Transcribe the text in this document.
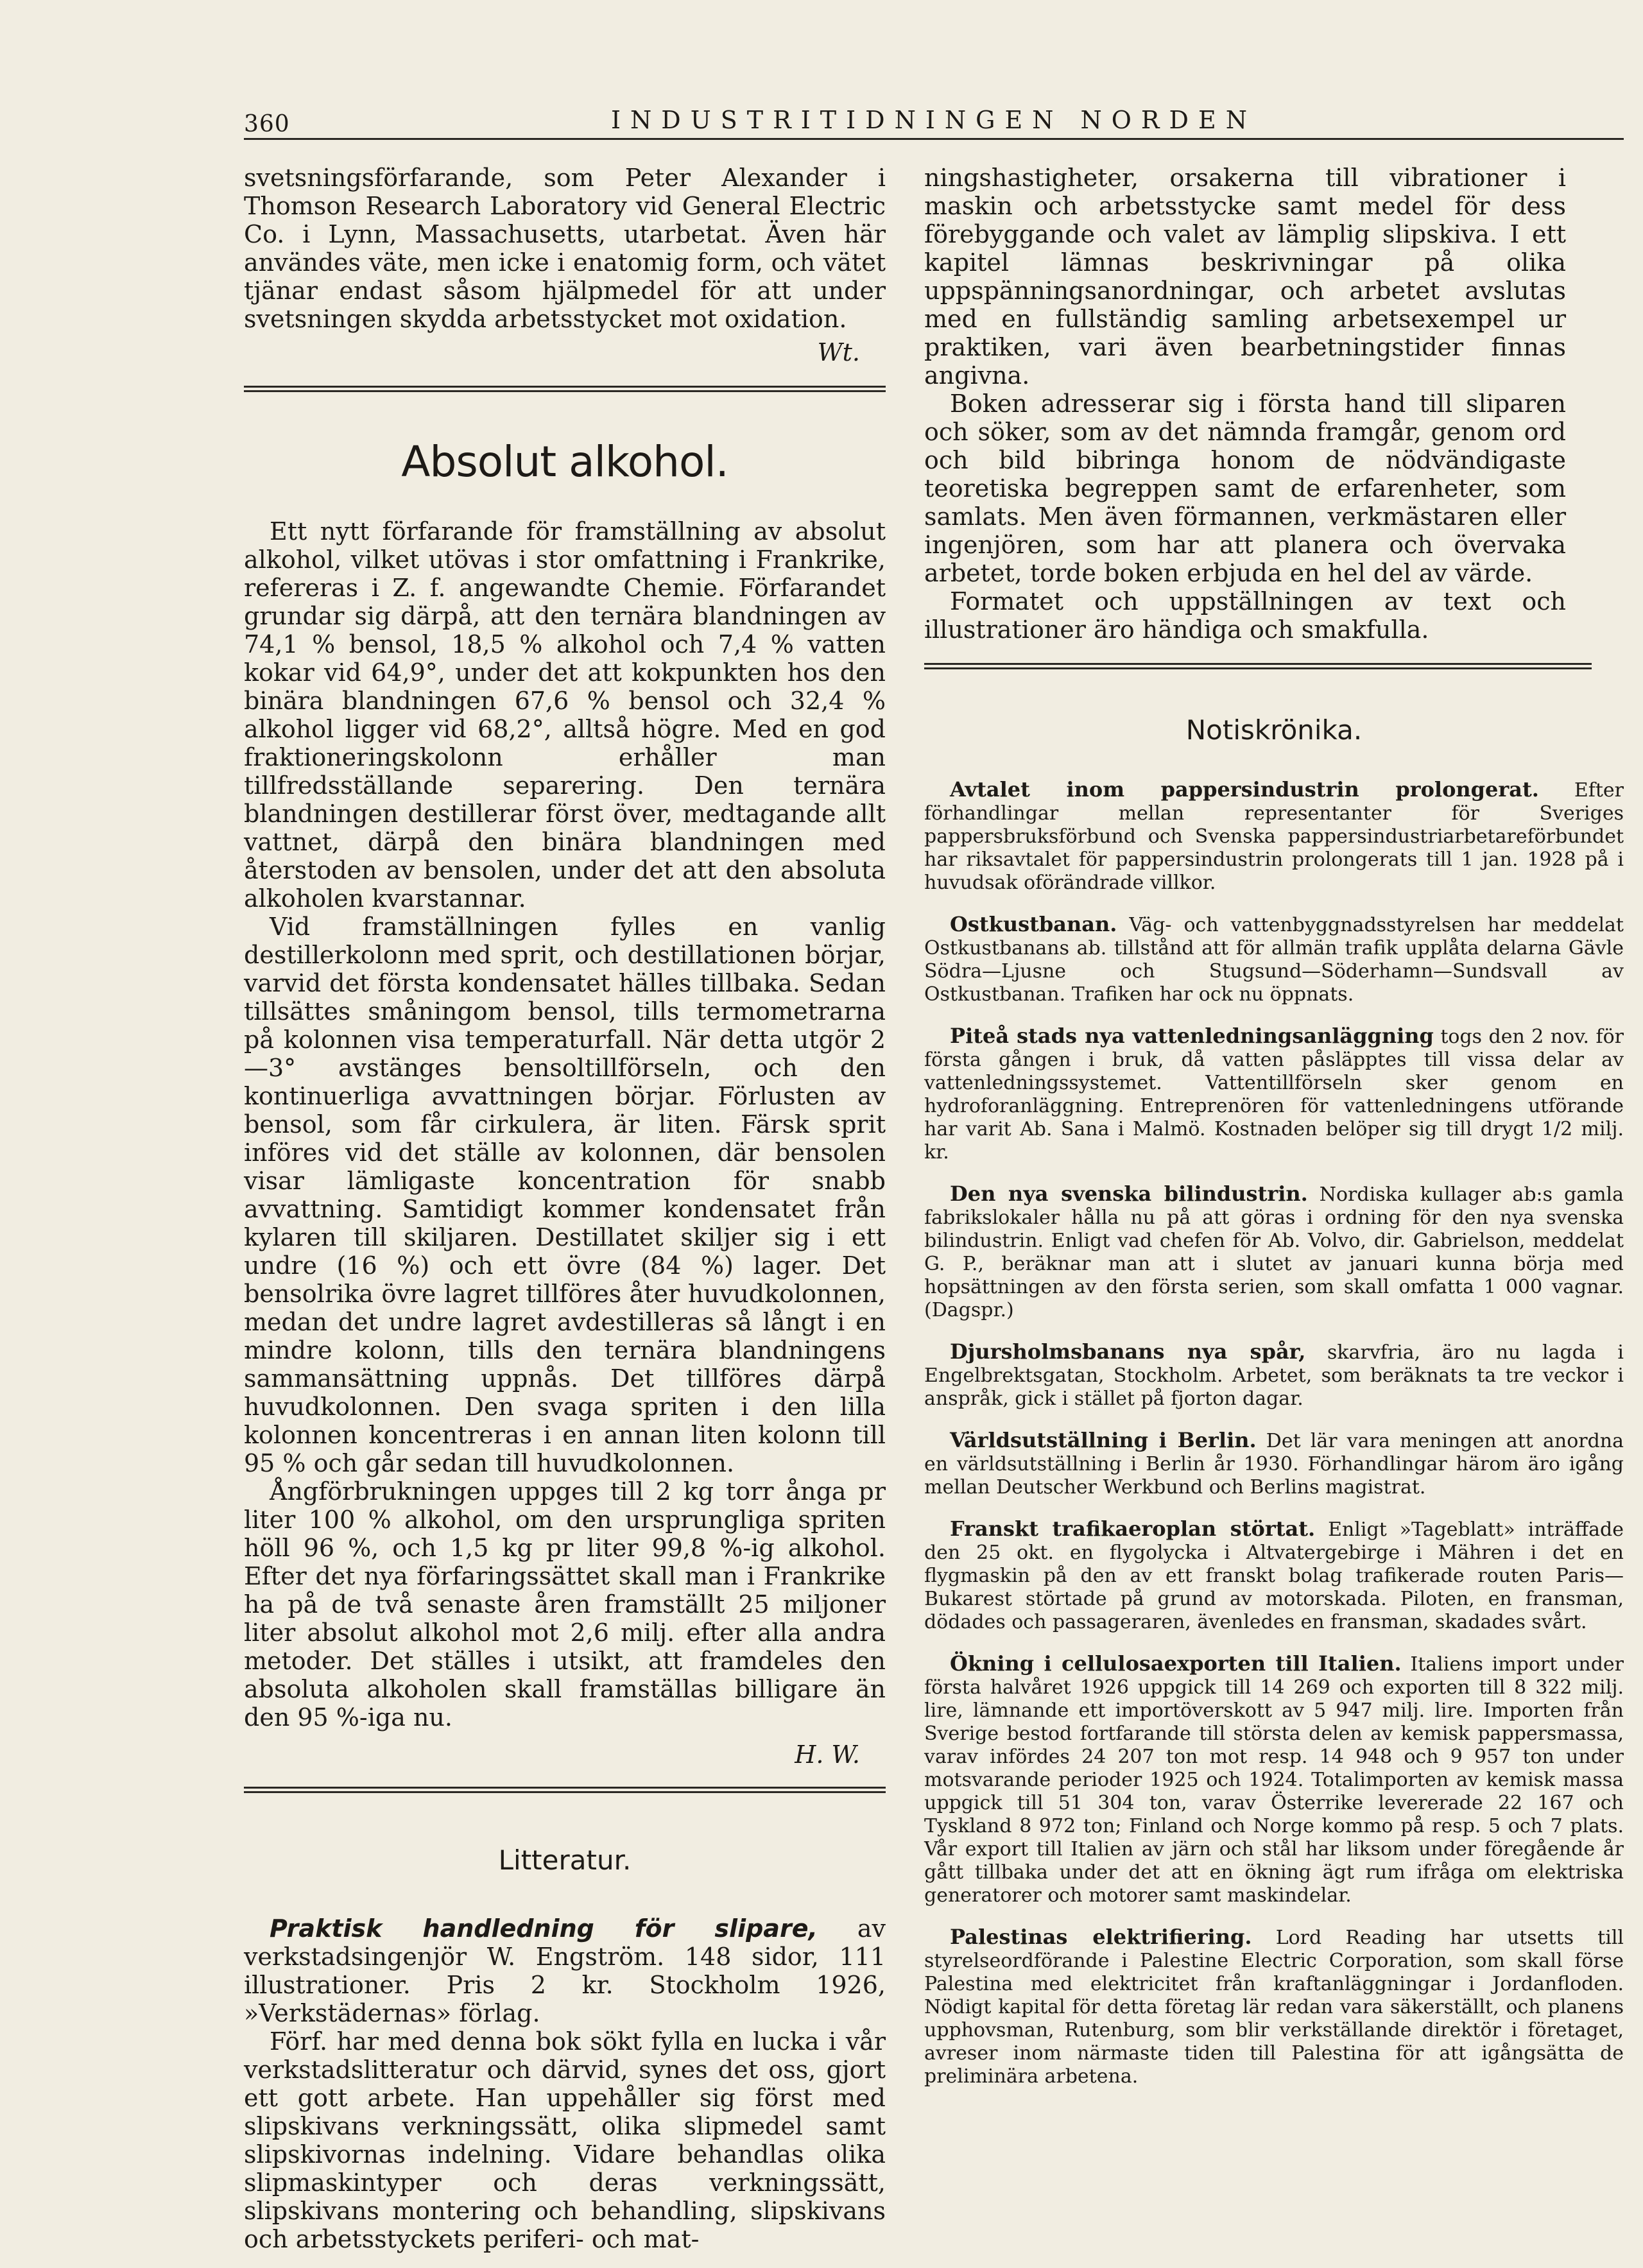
360	INDUSTRITIDNINGEN NORDEN

svetsningsförfarande, som Peter Alexander i Thomson Research Laboratory vid General Electric Co. i Lynn, Massachusetts, utarbetat. Även här användes väte, men icke i enatomig form, och vätet tjänar endast såsom hjälpmedel för att under svetsningen skydda arbetsstycket mot oxidation.

Wt.

Absolut alkohol.

Ett nytt förfarande för framställning av absolut alkohol, vilket utövas i stor omfattning i Frankrike, refereras i Z. f. angewandte Chemie. Förfarandet grundar sig därpå, att den ternära blandningen av 74,1 % bensol, 18,5 % alkohol och 7,4 % vatten kokar vid 64,9°, under det att kokpunkten hos den binära blandningen 67,6 % bensol och 32,4 % alkohol ligger vid 68,2°, alltså högre. Med en god fraktioneringskolonn erhåller man tillfredsställande separering. Den ternära blandningen destillerar först över, medtagande allt vattnet, därpå den binära blandningen med återstoden av bensolen, under det att den absoluta alkoholen kvarstannar.

Vid framställningen fylles en vanlig destillerkolonn med sprit, och destillationen börjar, varvid det första kondensatet hälles tillbaka. Sedan tillsättes småningom bensol, tills termometrarna på kolonnen visa temperaturfall. När detta utgör 2—3° avstänges bensoltillförseln, och den kontinuerliga avvattningen börjar. Förlusten av bensol, som får cirkulera, är liten. Färsk sprit införes vid det ställe av kolonnen, där bensolen visar lämligaste koncentration för snabb avvattning. Samtidigt kommer kondensatet från kylaren till skiljaren. Destillatet skiljer sig i ett undre (16 %) och ett övre (84 %) lager. Det bensolrika övre lagret tillföres åter huvudkolonnen, medan det undre lagret avdestilleras så långt i en mindre kolonn, tills den ternära blandningens sammansättning uppnås. Det tillföres därpå huvudkolonnen. Den svaga spriten i den lilla kolonnen koncentreras i en annan liten kolonn till 95 % och går sedan till huvudkolonnen.

Ångförbrukningen uppges till 2 kg torr ånga pr liter 100 % alkohol, om den ursprungliga spriten höll 96 %, och 1,5 kg pr liter 99,8 %-ig alkohol. Efter det nya förfaringssättet skall man i Frankrike ha på de två senaste åren framställt 25 miljoner liter absolut alkohol mot 2,6 milj. efter alla andra metoder. Det ställes i utsikt, att framdeles den absoluta alkoholen skall framställas billigare än den 95 %-iga nu.

H. W.

Litteratur.

Praktisk handledning för slipare, av verkstadsingenjör W. Engström. 148 sidor, 111 illustrationer. Pris 2 kr. Stockholm 1926, »Verkstädernas» förlag.

Förf. har med denna bok sökt fylla en lucka i vår verkstadslitteratur och därvid, synes det oss, gjort ett gott arbete. Han uppehåller sig först med slipskivans verkningssätt, olika slipmedel samt slipskivornas indelning. Vidare behandlas olika slipmaskintyper och deras verkningssätt, slipskivans montering och behandling, slipskivans och arbetsstyckets periferi- och mat-

ningshastigheter, orsakerna till vibrationer i maskin och arbetsstycke samt medel för dess förebyggande och valet av lämplig slipskiva. I ett kapitel lämnas beskrivningar på olika uppspänningsanordningar, och arbetet avslutas med en fullständig samling arbetsexempel ur praktiken, vari även bearbetningstider finnas angivna.

Boken adresserar sig i första hand till sliparen och söker, som av det nämnda framgår, genom ord och bild bibringa honom de nödvändigaste teoretiska begreppen samt de erfarenheter, som samlats. Men även förmannen, verkmästaren eller ingenjören, som har att planera och övervaka arbetet, torde boken erbjuda en hel del av värde.

Formatet och uppställningen av text och illustrationer äro händiga och smakfulla.

Notiskrönika.

Avtalet inom pappersindustrin prolongerat. Efter förhandlingar mellan representanter för Sveriges pappersbruksförbund och Svenska pappersindustriarbetareförbundet har riksavtalet för pappersindustrin prolongerats till 1 jan. 1928 på i huvudsak oförändrade villkor.

Ostkustbanan. Väg- och vattenbyggnadsstyrelsen har meddelat Ostkustbanans ab. tillstånd att för allmän trafik upplåta delarna Gävle Södra—Ljusne och Stugsund—Söderhamn—Sundsvall av Ostkustbanan. Trafiken har ock nu öppnats.

Piteå stads nya vattenledningsanläggning togs den 2 nov. för första gången i bruk, då vatten påsläpptes till vissa delar av vattenledningssystemet. Vattentillförseln sker genom en hydroforanläggning. Entreprenören för vattenledningens utförande har varit Ab. Sana i Malmö. Kostnaden belöper sig till drygt 1/2 milj. kr.

Den nya svenska bilindustrin. Nordiska kullager ab:s gamla fabrikslokaler hålla nu på att göras i ordning för den nya svenska bilindustrin. Enligt vad chefen för Ab. Volvo, dir. Gabrielson, meddelat G. P., beräknar man att i slutet av januari kunna börja med hopsättningen av den första serien, som skall omfatta 1 000 vagnar. (Dagspr.)

Djursholmsbanans nya spår, skarvfria, äro nu lagda i Engelbrektsgatan, Stockholm. Arbetet, som beräknats ta tre veckor i anspråk, gick i stället på fjorton dagar.

Världsutställning i Berlin. Det lär vara meningen att anordna en världsutställning i Berlin år 1930. Förhandlingar härom äro igång mellan Deutscher Werkbund och Berlins magistrat.

Franskt trafikaeroplan störtat. Enligt »Tageblatt» inträffade den 25 okt. en flygolycka i Altvatergebirge i Mähren i det en flygmaskin på den av ett franskt bolag trafikerade routen Paris—Bukarest störtade på grund av motorskada. Piloten, en fransman, dödades och passageraren, ävenledes en fransman, skadades svårt.

Ökning i cellulosaexporten till Italien. Italiens import under första halvåret 1926 uppgick till 14 269 och exporten till 8 322 milj. lire, lämnande ett importöverskott av 5 947 milj. lire. Importen från Sverige bestod fortfarande till största delen av kemisk pappersmassa, varav infördes 24 207 ton mot resp. 14 948 och 9 957 ton under motsvarande perioder 1925 och 1924. Totalimporten av kemisk massa uppgick till 51 304 ton, varav Österrike levererade 22 167 och Tyskland 8 972 ton; Finland och Norge kommo på resp. 5 och 7 plats. Vår export till Italien av järn och stål har liksom under föregående år gått tillbaka under det att en ökning ägt rum ifråga om elektriska generatorer och motorer samt maskindelar.

Palestinas elektrifiering. Lord Reading har utsetts till styrelseordförande i Palestine Electric Corporation, som skall förse Palestina med elektricitet från kraftanläggningar i Jordanfloden. Nödigt kapital för detta företag lär redan vara säkerställt, och planens upphovsman, Rutenburg, som blir verkställande direktör i företaget, avreser inom närmaste tiden till Palestina för att igångsätta de preliminära arbetena.
